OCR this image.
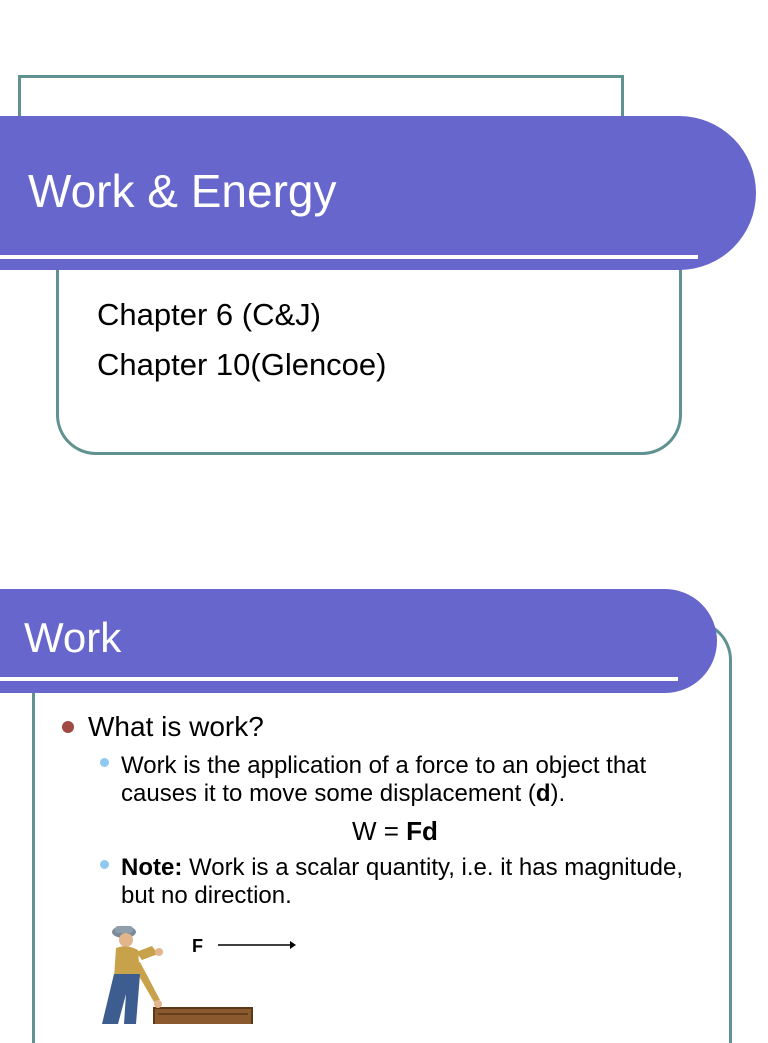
Work & Energy
Chapter 6 (C&J)
Chapter 10(Glencoe)
Work
What is work?
Work is the application of a force to an object that causes it to move some displacement (d).
W = Fd
Note: Work is a scalar quantity, i.e. it has magnitude, but no direction.
F
